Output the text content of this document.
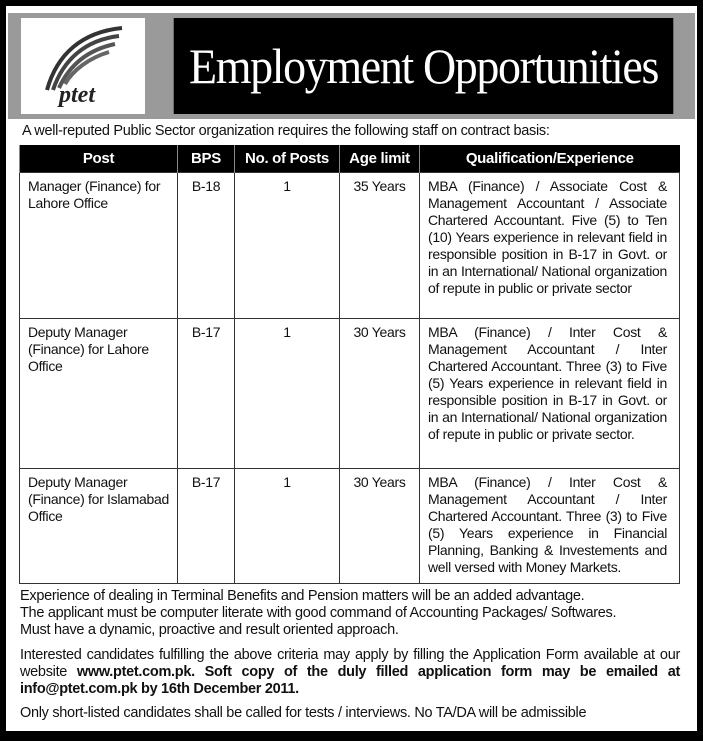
ptet
Employment Opportunities
A well-reputed Public Sector organization requires the following staff on contract basis:
Post	BPS	No. of Posts	Age limit	Qualification/Experience
Manager (Finance) for Lahore Office	B-18	1	35 Years	MBA (Finance) / Associate Cost & Management Accountant / Associate Chartered Accountant. Five (5) to Ten (10) Years experience in relevant field in responsible position in B-17 in Govt. or in an International/ National organization of repute in public or private sector
Deputy Manager (Finance) for Lahore Office	B-17	1	30 Years	MBA (Finance) / Inter Cost & Management Accountant / Inter Chartered Accountant. Three (3) to Five (5) Years experience in relevant field in responsible position in B-17 in Govt. or in an International/ National organization of repute in public or private sector.
Deputy Manager (Finance) for Islamabad Office	B-17	1	30 Years	MBA (Finance) / Inter Cost & Management Accountant / Inter Chartered Accountant. Three (3) to Five (5) Years experience in Financial Planning, Banking & Investements and well versed with Money Markets.
Experience of dealing in Terminal Benefits and Pension matters will be an added advantage.
The applicant must be computer literate with good command of Accounting Packages/ Softwares. Must have a dynamic, proactive and result oriented approach.
Interested candidates fulfilling the above criteria may apply by filling the Application Form available at our website www.ptet.com.pk. Soft copy of the duly filled application form may be emailed at info@ptet.com.pk by 16th December 2011.
Only short-listed candidates shall be called for tests / interviews. No TA/DA will be admissible
